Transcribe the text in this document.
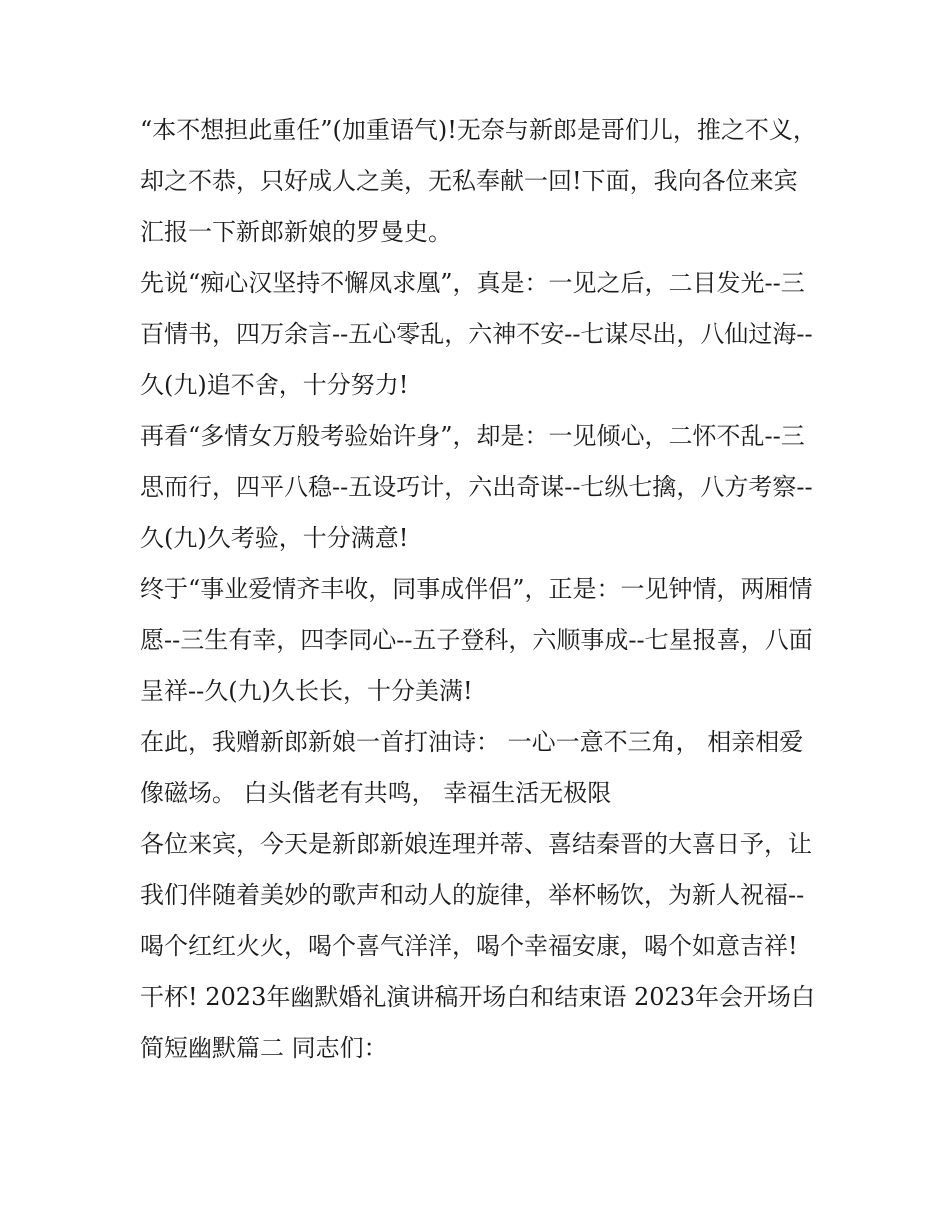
“本不想担此重任”(加重语气)!无奈与新郎是哥们儿，推之不义，却之不恭，只好成人之美，无私奉献一回!下面，我向各位来宾汇报一下新郎新娘的罗曼史。

先说“痴心汉坚持不懈凤求凰”，真是：一见之后，二目发光--三百情书，四万余言--五心零乱，六神不安--七谋尽出，八仙过海--久(九)追不舍，十分努力!

再看“多情女万般考验始许身”，却是：一见倾心，二怀不乱--三思而行，四平八稳--五设巧计，六出奇谋--七纵七擒，八方考察--久(九)久考验，十分满意!

终于“事业爱情齐丰收，同事成伴侣”，正是：一见钟情，两厢情愿--三生有幸，四李同心--五子登科，六顺事成--七星报喜，八面呈祥--久(九)久长长，十分美满!

在此，我赠新郎新娘一首打油诗： 一心一意不三角， 相亲相爱像磁场。 白头偕老有共鸣， 幸福生活无极限

各位来宾，今天是新郎新娘连理并蒂、喜结秦晋的大喜日予，让我们伴随着美妙的歌声和动人的旋律，举杯畅饮，为新人祝福--

喝个红红火火，喝个喜气洋洋，喝个幸福安康，喝个如意吉祥! 干杯! 2023年幽默婚礼演讲稿开场白和结束语 2023年会开场白简短幽默篇二 同志们：
